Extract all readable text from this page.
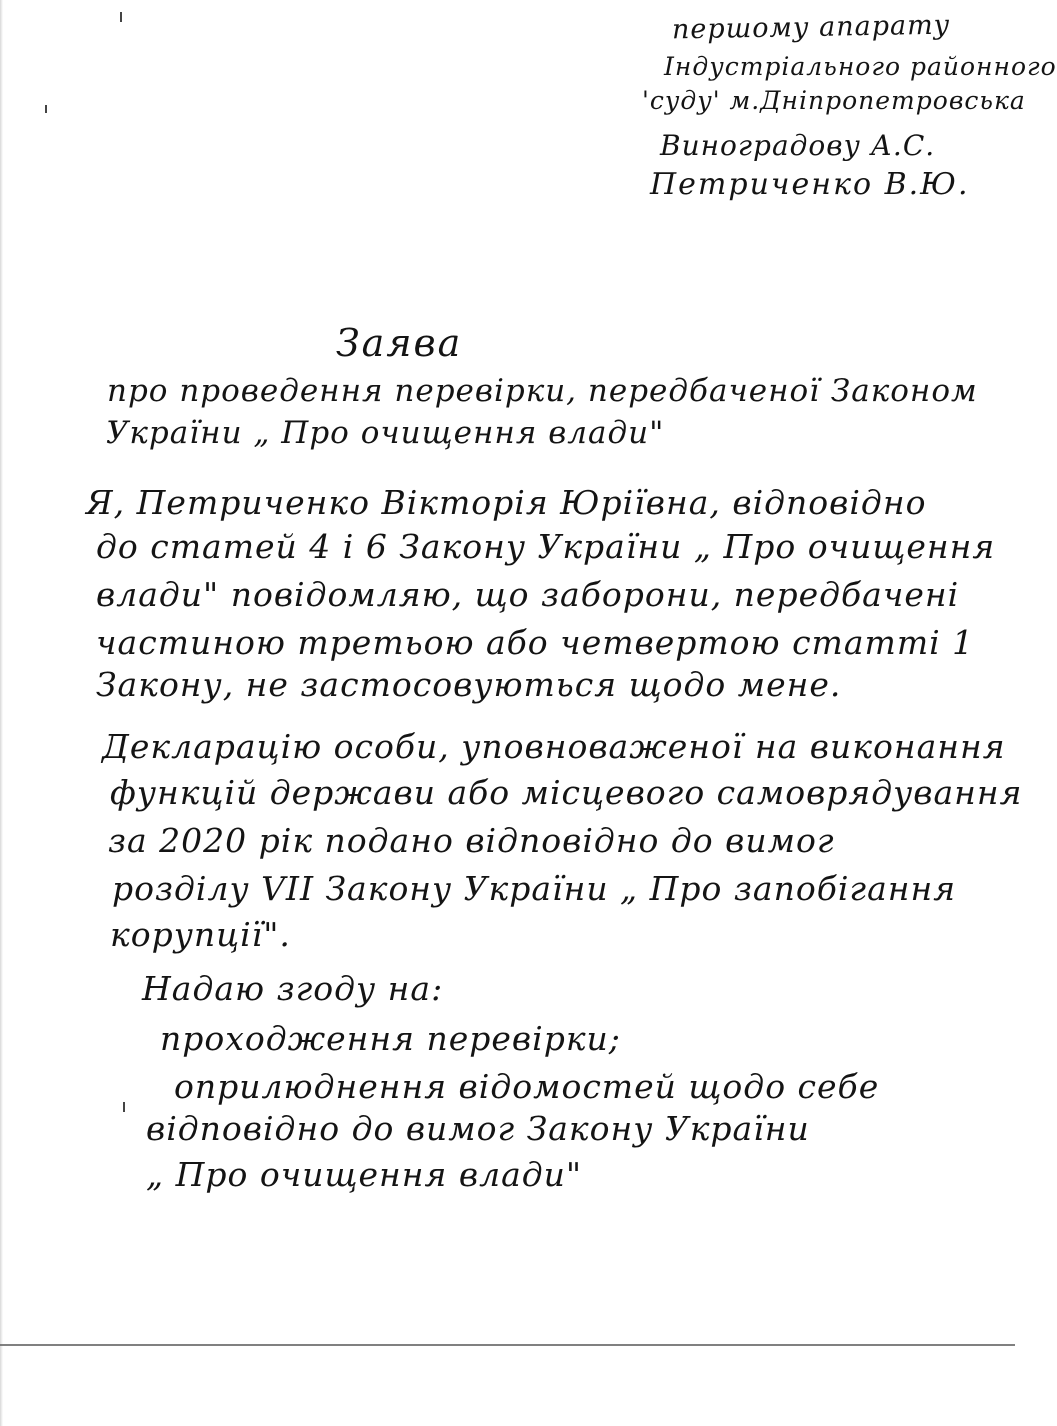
першому апарату
Індустріального районного
'суду' м.Дніпропетровська
Виноградову А.С.
Петриченко В.Ю.
Заява
про проведення перевірки, передбаченої Законом
України „ Про очищення влади"
Я, Петриченко Вікторія Юріївна, відповідно
до статей 4 і 6 Закону України „ Про очищення
влади" повідомляю, що заборони, передбачені
частиною третьою або четвертою статті 1
Закону, не застосовуються щодо мене.
Декларацію особи, уповноваженої на виконання
функцій держави або місцевого самоврядування
за 2020 рік подано відповідно до вимог
розділу VII Закону України „ Про запобігання
корупції".
Надаю згоду на:
проходження перевірки;
оприлюднення відомостей щодо себе
відповідно до вимог Закону України
„ Про очищення влади"
